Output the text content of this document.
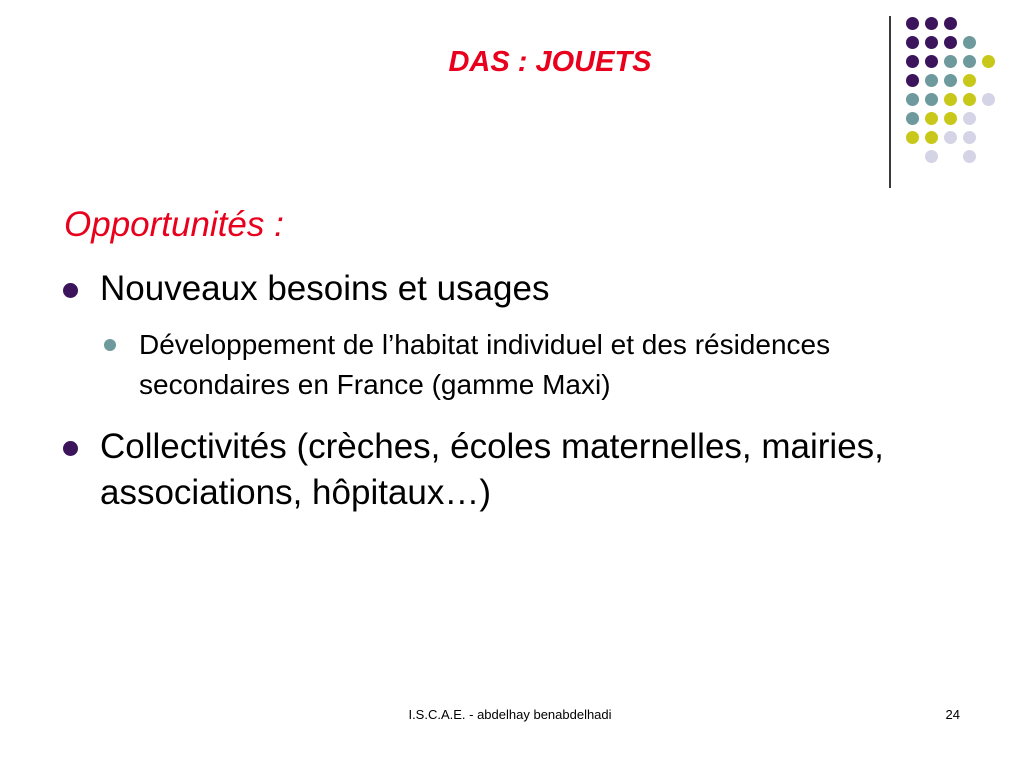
DAS : JOUETS
Opportunités :
Nouveaux besoins et usages
Développement de l’habitat individuel et des résidences secondaires en France (gamme Maxi)
Collectivités (crèches, écoles maternelles, mairies, associations, hôpitaux…)
I.S.C.A.E. - abdelhay benabdelhadi	24
